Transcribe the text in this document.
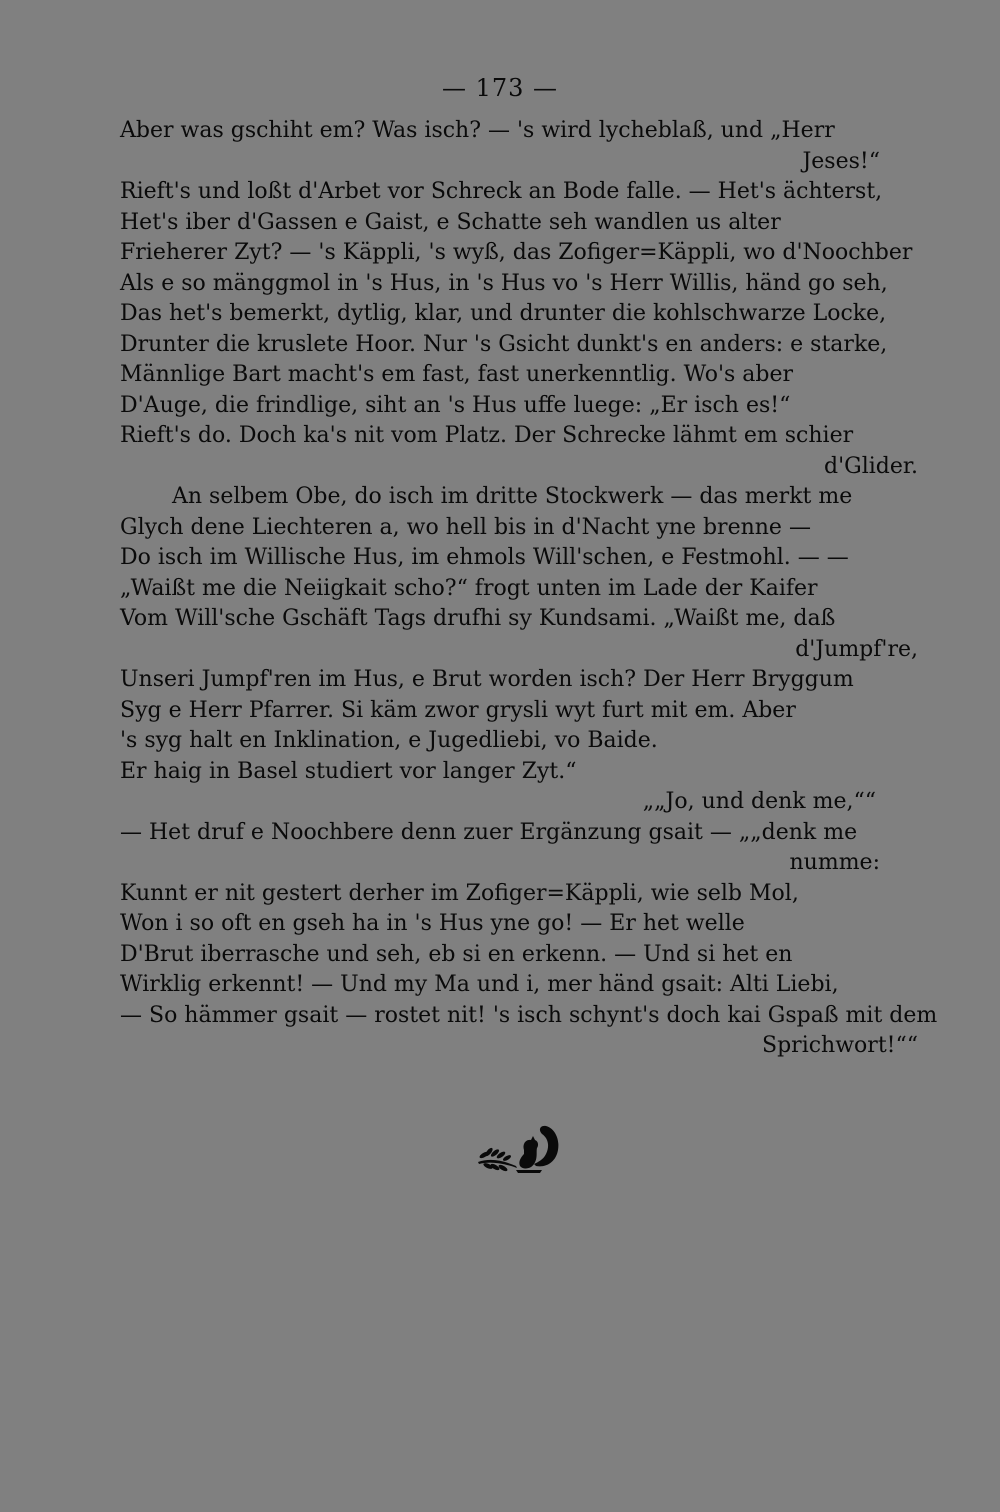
— 173 —
Aber was gschiht em? Was isch? — 's wird lycheblaß, und „Herr
Jeses!“
Rieft's und loßt d'Arbet vor Schreck an Bode falle. — Het's ächterst,
Het's iber d'Gassen e Gaist, e Schatte seh wandlen us alter
Frieherer Zyt? — 's Käppli, 's wyß, das Zofiger=Käppli, wo d'Noochber
Als e so mänggmol in 's Hus, in 's Hus vo 's Herr Willis, händ go seh,
Das het's bemerkt, dytlig, klar, und drunter die kohlschwarze Locke,
Drunter die kruslete Hoor. Nur 's Gsicht dunkt's en anders: e starke,
Männlige Bart macht's em fast, fast unerkenntlig. Wo's aber
D'Auge, die frindlige, siht an 's Hus uffe luege: „Er isch es!“
Rieft's do. Doch ka's nit vom Platz. Der Schrecke lähmt em schier
d'Glider.
An selbem Obe, do isch im dritte Stockwerk — das merkt me
Glych dene Liechteren a, wo hell bis in d'Nacht yne brenne —
Do isch im Willische Hus, im ehmols Will'schen, e Festmohl. — —
„Waißt me die Neiigkait scho?“ frogt unten im Lade der Kaifer
Vom Will'sche Gschäft Tags drufhi sy Kundsami. „Waißt me, daß
d'Jumpf're,
Unseri Jumpf'ren im Hus, e Brut worden isch? Der Herr Bryggum
Syg e Herr Pfarrer. Si käm zwor grysli wyt furt mit em. Aber
's syg halt en Inklination, e Jugedliebi, vo Baide.
Er haig in Basel studiert vor langer Zyt.“
„„Jo, und denk me,““
— Het druf e Noochbere denn zuer Ergänzung gsait — „„denk me
numme:
Kunnt er nit gestert derher im Zofiger=Käppli, wie selb Mol,
Won i so oft en gseh ha in 's Hus yne go! — Er het welle
D'Brut iberrasche und seh, eb si en erkenn. — Und si het en
Wirklig erkennt! — Und my Ma und i, mer händ gsait: Alti Liebi,
— So hämmer gsait — rostet nit! 's isch schynt's doch kai Gspaß mit dem
Sprichwort!““
